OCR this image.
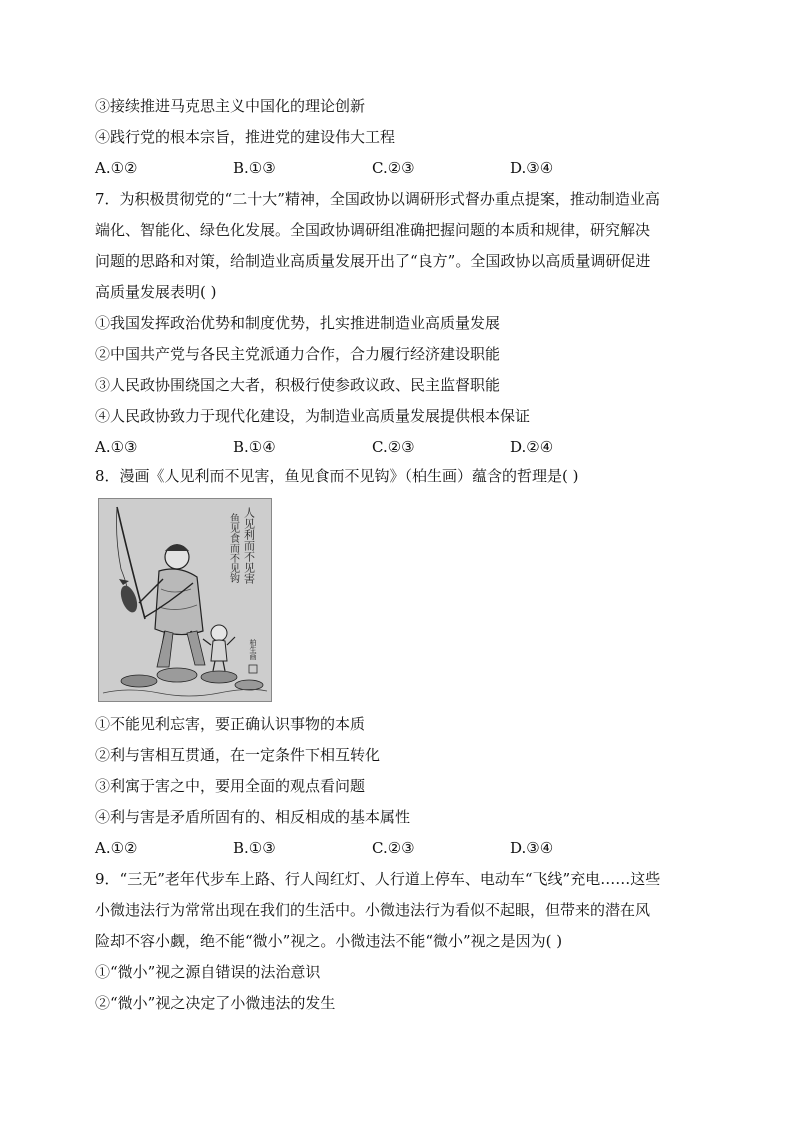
③接续推进马克思主义中国化的理论创新
④践行党的根本宗旨，推进党的建设伟大工程
A.①②	B.①③	C.②③	D.③④
7．为积极贯彻党的“二十大”精神，全国政协以调研形式督办重点提案，推动制造业高
端化、智能化、绿色化发展。全国政协调研组准确把握问题的本质和规律，研究解决
问题的思路和对策，给制造业高质量发展开出了“良方”。全国政协以高质量调研促进
高质量发展表明( )
①我国发挥政治优势和制度优势，扎实推进制造业高质量发展
②中国共产党与各民主党派通力合作，合力履行经济建设职能
③人民政协围绕国之大者，积极行使参政议政、民主监督职能
④人民政协致力于现代化建设，为制造业高质量发展提供根本保证
A.①③	B.①④	C.②③	D.②④
8．漫画《人见利而不见害，鱼见食而不见钩》（柏生画）蕴含的哲理是( )
人见利而不见害
鱼见食而不见钩
柏生画
①不能见利忘害，要正确认识事物的本质
②利与害相互贯通，在一定条件下相互转化
③利寓于害之中，要用全面的观点看问题
④利与害是矛盾所固有的、相反相成的基本属性
A.①②	B.①③	C.②③	D.③④
9．“三无”老年代步车上路、行人闯红灯、人行道上停车、电动车“飞线”充电……这些
小微违法行为常常出现在我们的生活中。小微违法行为看似不起眼，但带来的潜在风
险却不容小觑，绝不能“微小”视之。小微违法不能“微小”视之是因为( )
①“微小”视之源自错误的法治意识
②“微小”视之决定了小微违法的发生
